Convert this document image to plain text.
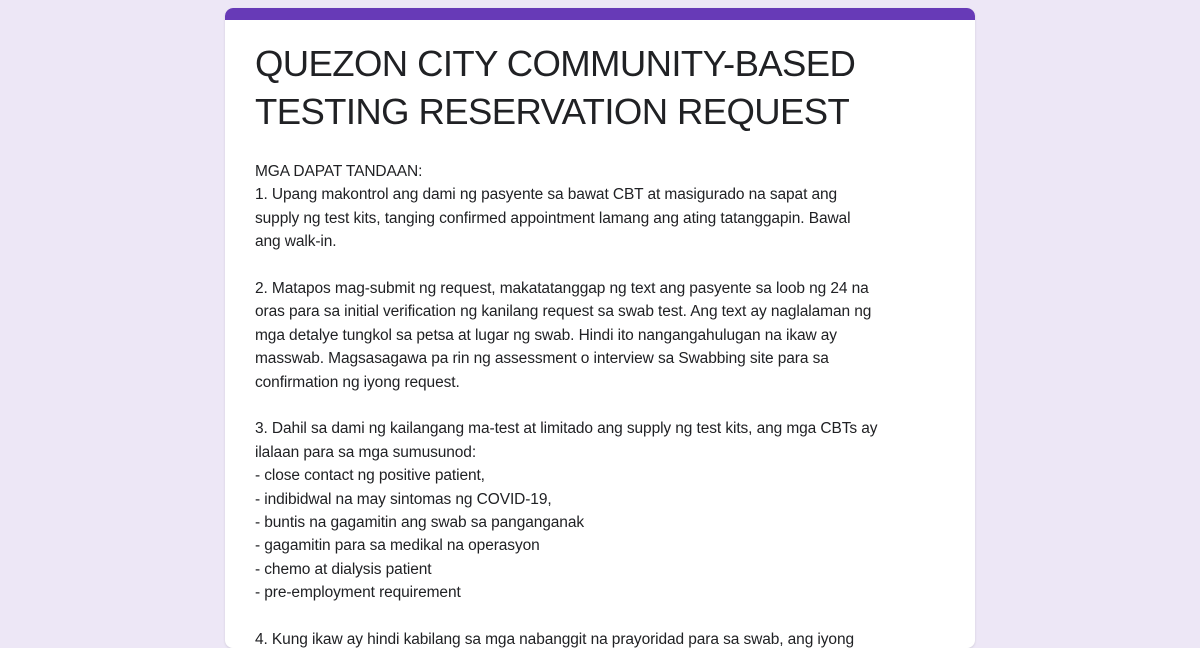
QUEZON CITY COMMUNITY-BASED
TESTING RESERVATION REQUEST
MGA DAPAT TANDAAN:
1. Upang makontrol ang dami ng pasyente sa bawat CBT at masigurado na sapat ang
supply ng test kits, tanging confirmed appointment lamang ang ating tatanggapin. Bawal
ang walk-in.
2. Matapos mag-submit ng request, makatatanggap ng text ang pasyente sa loob ng 24 na
oras para sa initial verification ng kanilang request sa swab test. Ang text ay naglalaman ng
mga detalye tungkol sa petsa at lugar ng swab. Hindi ito nangangahulugan na ikaw ay
masswab. Magsasagawa pa rin ng assessment o interview sa Swabbing site para sa
confirmation ng iyong request.
3. Dahil sa dami ng kailangang ma-test at limitado ang supply ng test kits, ang mga CBTs ay
ilalaan para sa mga sumusunod:
- close contact ng positive patient,
- indibidwal na may sintomas ng COVID-19,
- buntis na gagamitin ang swab sa panganganak
- gagamitin para sa medikal na operasyon
- chemo at dialysis patient
- pre-employment requirement
4. Kung ikaw ay hindi kabilang sa mga nabanggit na prayoridad para sa swab, ang iyong
